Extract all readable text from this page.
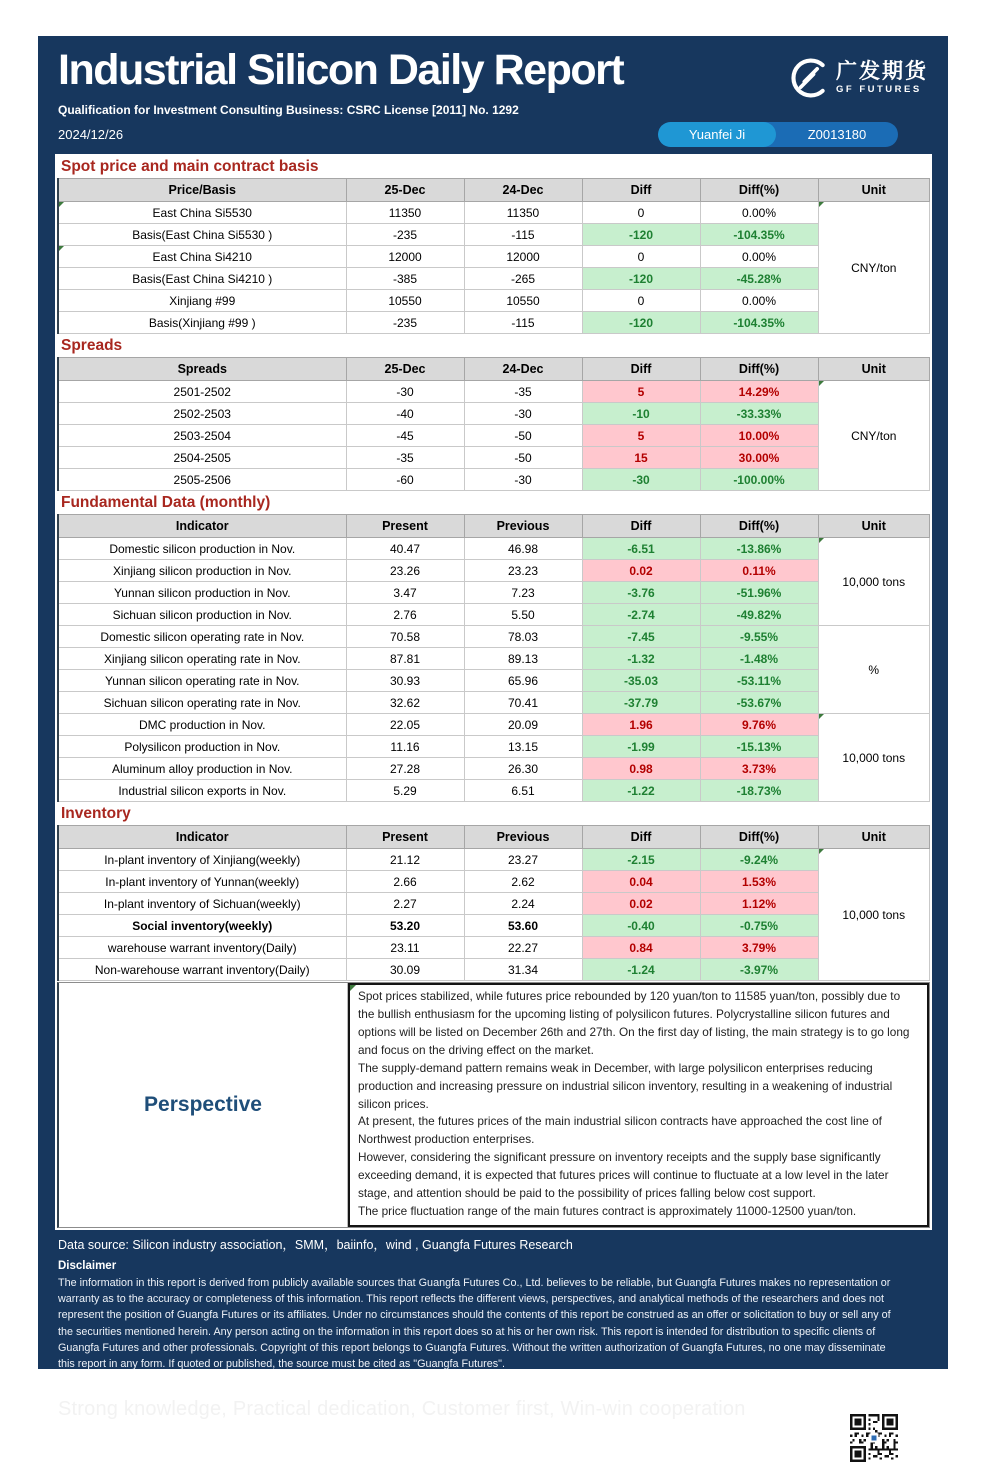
Industrial Silicon Daily Report	广发期货
GF FUTURES
Qualification for Investment Consulting Business: CSRC License [2011] No. 1292
2024/12/26	Yuanfei Ji	Z0013180
Spot price and main contract basis
Price/Basis	25-Dec	24-Dec	Diff	Diff(%)	Unit
East China Si5530	11350	11350	0	0.00%	CNY/ton

Basis(East China Si5530 )	-235	-115	-120	-104.35%	
East China Si4210	12000	12000	0	0.00%	
Basis(East China Si4210 )	-385	-265	-120	-45.28%	
Xinjiang #99	10550	10550	0	0.00%	
Basis(Xinjiang #99 )	-235	-115	-120	-104.35%	
Spreads
Spreads	25-Dec	24-Dec	Diff	Diff(%)	Unit
2501-2502	-30	-35	5	14.29%	CNY/ton

2502-2503	-40	-30	-10	-33.33%	
2503-2504	-45	-50	5	10.00%	
2504-2505	-35	-50	15	30.00%	
2505-2506	-60	-30	-30	-100.00%	
Fundamental Data (monthly)
Indicator	Present	Previous	Diff	Diff(%)	Unit
Domestic silicon production in Nov.	40.47	46.98	-6.51	-13.86%	10,000 tons

Xinjiang silicon production in Nov.	23.26	23.23	0.02	0.11%	
Yunnan silicon production in Nov.	3.47	7.23	-3.76	-51.96%	
Sichuan silicon production in Nov.	2.76	5.50	-2.74	-49.82%	
Domestic silicon operating rate in Nov.	70.58	78.03	-7.45	-9.55%	%
Xinjiang silicon operating rate in Nov.	87.81	89.13	-1.32	-1.48%	
Yunnan silicon operating rate in Nov.	30.93	65.96	-35.03	-53.11%	
Sichuan silicon operating rate in Nov.	32.62	70.41	-37.79	-53.67%	
DMC production in Nov.	22.05	20.09	1.96	9.76%	10,000 tons

Polysilicon production in Nov.	11.16	13.15	-1.99	-15.13%	
Aluminum alloy production in Nov.	27.28	26.30	0.98	3.73%	
Industrial silicon exports in Nov.	5.29	6.51	-1.22	-18.73%	
Inventory
Indicator	Present	Previous	Diff	Diff(%)	Unit
In-plant inventory of Xinjiang(weekly)	21.12	23.27	-2.15	-9.24%	10,000 tons

In-plant inventory of Yunnan(weekly)	2.66	2.62	0.04	1.53%	
In-plant inventory of Sichuan(weekly)	2.27	2.24	0.02	1.12%	
Social inventory(weekly)	53.20	53.60	-0.40	-0.75%	
warehouse warrant inventory(Daily)	23.11	22.27	0.84	3.79%	
Non-warehouse warrant inventory(Daily)	30.09	31.34	-1.24	-3.97%	
Perspective

Spot prices stabilized, while futures price rebounded by 120 yuan/ton to 11585 yuan/ton, possibly due to the bullish enthusiasm for the upcoming listing of polysilicon futures. Polycrystalline silicon futures and options will be listed on December 26th and 27th. On the first day of listing, the main strategy is to go long and focus on the driving effect on the market.

The supply-demand pattern remains weak in December, with large polysilicon enterprises reducing production and increasing pressure on industrial silicon inventory, resulting in a weakening of industrial silicon prices.

At present, the futures prices of the main industrial silicon contracts have approached the cost line of Northwest production enterprises.

However, considering the significant pressure on inventory receipts and the supply base significantly exceeding demand, it is expected that futures prices will continue to fluctuate at a low level in the later stage, and attention should be paid to the possibility of prices falling below cost support.

The price fluctuation range of the main futures contract is approximately 11000-12500 yuan/ton.

Data source: Silicon industry association，SMM，baiinfo，wind , Guangfa Futures Research
Disclaimer
The information in this report is derived from publicly available sources that Guangfa Futures Co., Ltd. believes to be reliable, but Guangfa Futures makes no representation or warranty as to the accuracy or completeness of this information. This report reflects the different views, perspectives, and analytical methods of the researchers and does not represent the position of Guangfa Futures or its affiliates. Under no circumstances should the contents of this report be construed as an offer or solicitation to buy or sell any of the securities mentioned herein. Any person acting on the information in this report does so at his or her own risk. This report is intended for distribution to specific clients of Guangfa Futures and other professionals. Copyright of this report belongs to Guangfa Futures. Without the written authorization of Guangfa Futures, no one may disseminate this report in any form. If quoted or published, the source must be cited as "Guangfa Futures".
Strong knowledge, Practical dedication, Customer first, Win-win cooperation
Follow official WeChat
